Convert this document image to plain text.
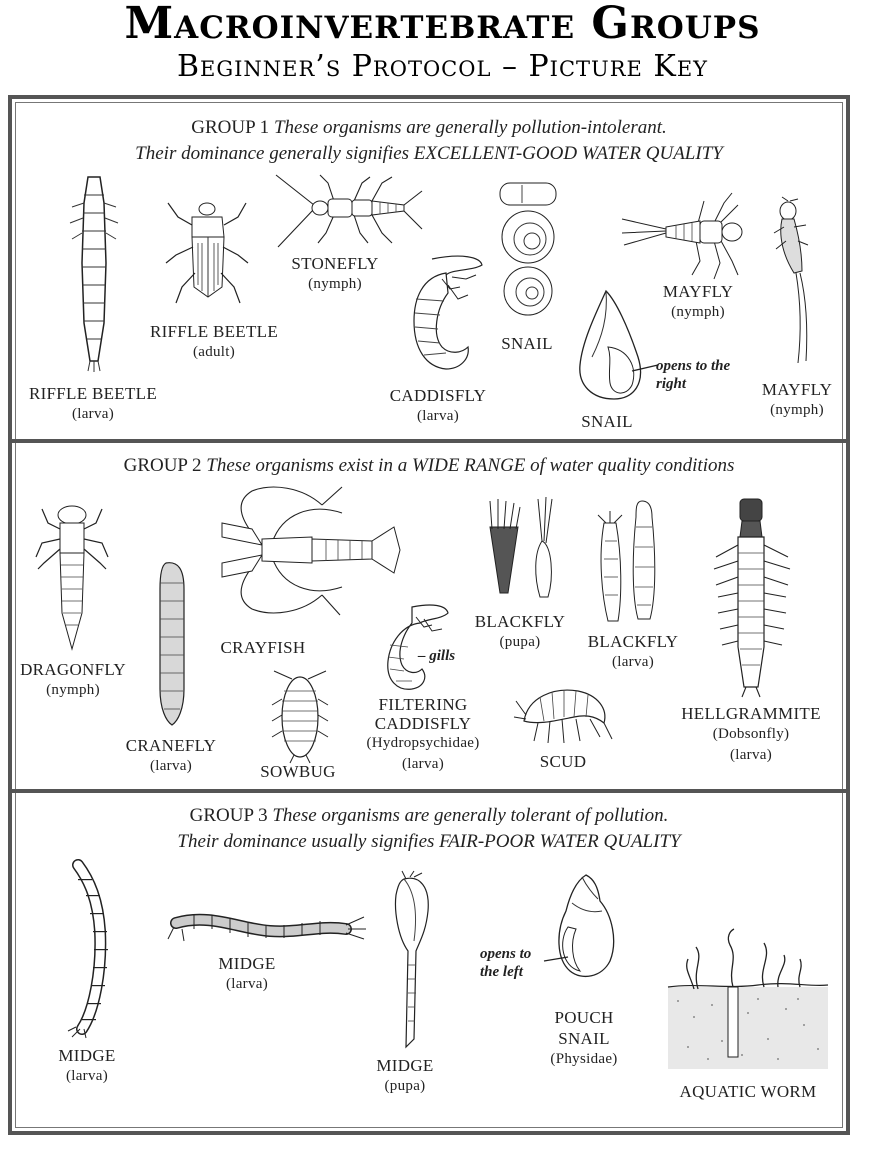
Macroinvertebrate Groups
Beginner’s Protocol – Picture Key
GROUP 1 These organisms are generally pollution-intolerant.
Their dominance generally signifies EXCELLENT-GOOD WATER QUALITY
RIFFLE BEETLE
(larva)
RIFFLE BEETLE
(adult)
STONEFLY
(nymph)
CADDISFLY
(larva)
SNAIL
SNAIL
opens to the right
MAYFLY
(nymph)
MAYFLY
(nymph)
GROUP 2 These organisms exist in a WIDE RANGE of water quality conditions
DRAGONFLY
(nymph)
CRANEFLY
(larva)
CRAYFISH
SOWBUG
– gills
FILTERING CADDISFLY
(Hydropsychidae)
(larva)
BLACKFLY
(pupa)	BLACKFLY
(larva)
SCUD
HELLGRAMMITE
(Dobsonfly)
(larva)
GROUP 3 These organisms are generally tolerant of pollution.
Their dominance usually signifies FAIR-POOR WATER QUALITY
MIDGE
(larva)
MIDGE
(larva)
MIDGE
(pupa)
opens to the left
POUCH SNAIL
(Physidae)
AQUATIC WORM
